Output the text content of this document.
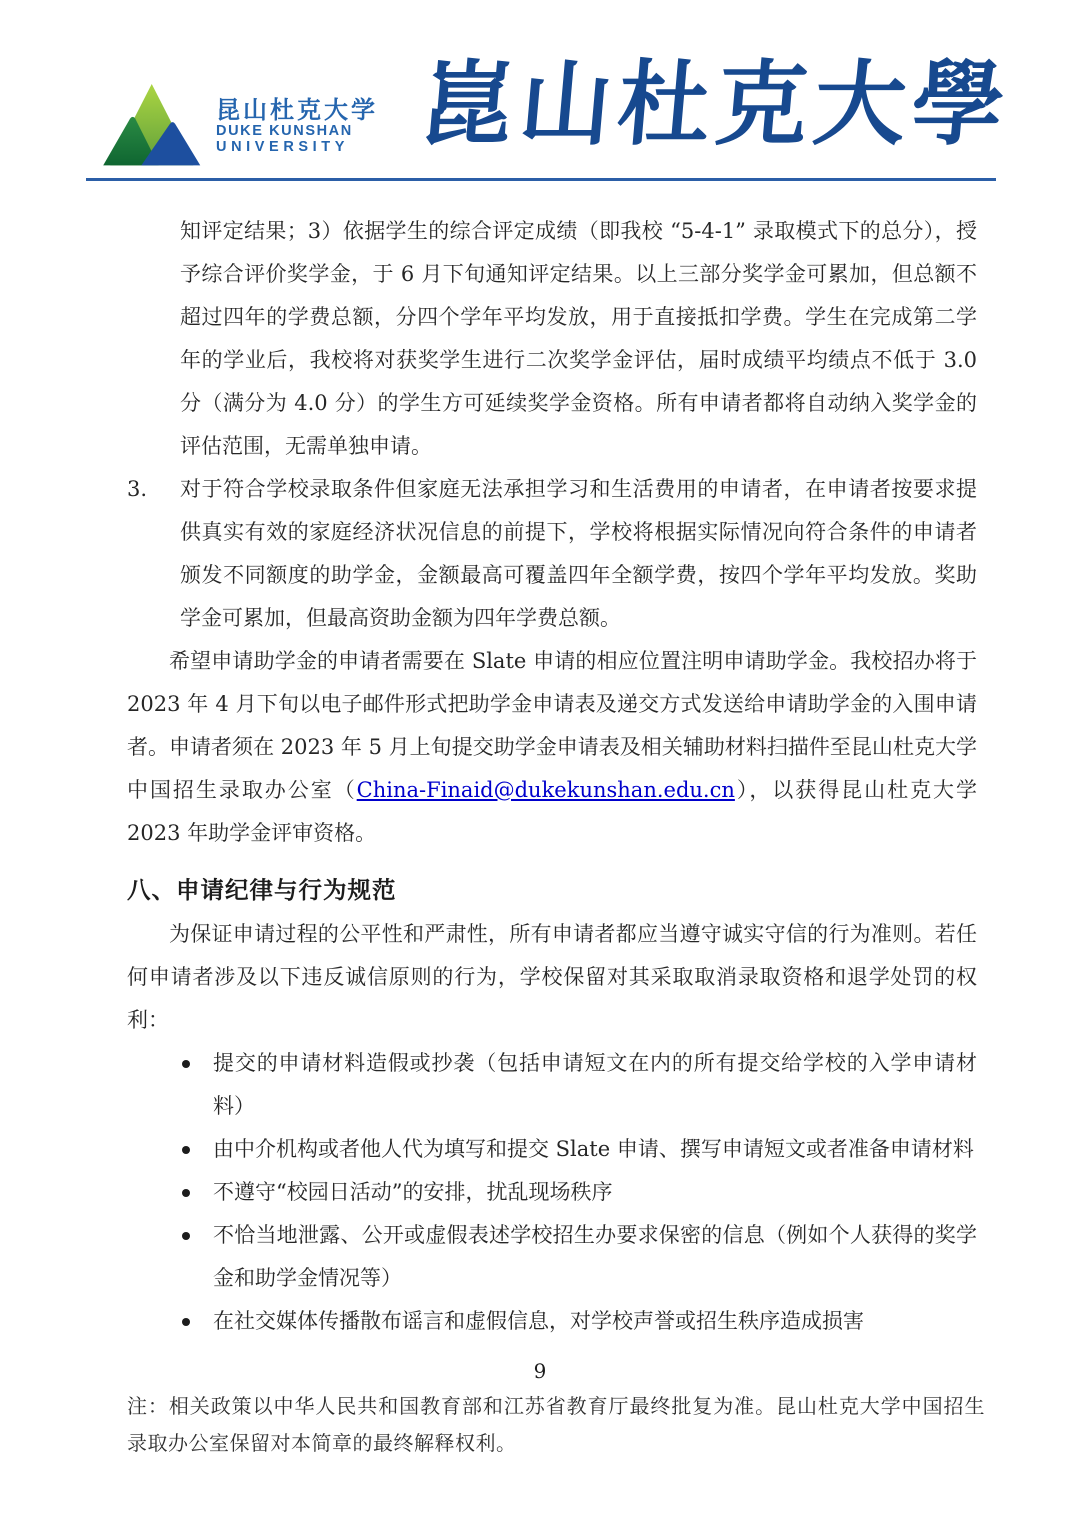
昆山杜克大学
DUKE KUNSHAN
UNIVERSITY 崑山杜克大學
知评定结果；3）依据学生的综合评定成绩（即我校 “5-4-1” 录取模式下的总分），授予综合评价奖学金，于 6 月下旬通知评定结果。以上三部分奖学金可累加，但总额不超过四年的学费总额，分四个学年平均发放，用于直接抵扣学费。学生在完成第二学年的学业后，我校将对获奖学生进行二次奖学金评估，届时成绩平均绩点不低于 3.0 分（满分为 4.0 分）的学生方可延续奖学金资格。所有申请者都将自动纳入奖学金的评估范围，无需单独申请。
3.	对于符合学校录取条件但家庭无法承担学习和生活费用的申请者，在申请者按要求提供真实有效的家庭经济状况信息的前提下，学校将根据实际情况向符合条件的申请者颁发不同额度的助学金，金额最高可覆盖四年全额学费，按四个学年平均发放。奖助学金可累加，但最高资助金额为四年学费总额。
希望申请助学金的申请者需要在 Slate 申请的相应位置注明申请助学金。我校招办将于 2023 年 4 月下旬以电子邮件形式把助学金申请表及递交方式发送给申请助学金的入围申请者。申请者须在 2023 年 5 月上旬提交助学金申请表及相关辅助材料扫描件至昆山杜克大学中国招生录取办公室（China-Finaid@dukekunshan.edu.cn），以获得昆山杜克大学 2023 年助学金评审资格。
八、申请纪律与行为规范
为保证申请过程的公平性和严肃性，所有申请者都应当遵守诚实守信的行为准则。若任何申请者涉及以下违反诚信原则的行为，学校保留对其采取取消录取资格和退学处罚的权利：
提交的申请材料造假或抄袭（包括申请短文在内的所有提交给学校的入学申请材料）
由中介机构或者他人代为填写和提交 Slate 申请、撰写申请短文或者准备申请材料
不遵守“校园日活动”的安排，扰乱现场秩序
不恰当地泄露、公开或虚假表述学校招生办要求保密的信息（例如个人获得的奖学金和助学金情况等）
在社交媒体传播散布谣言和虚假信息，对学校声誉或招生秩序造成损害
9
注：相关政策以中华人民共和国教育部和江苏省教育厅最终批复为准。昆山杜克大学中国招生录取办公室保留对本简章的最终解释权利。
